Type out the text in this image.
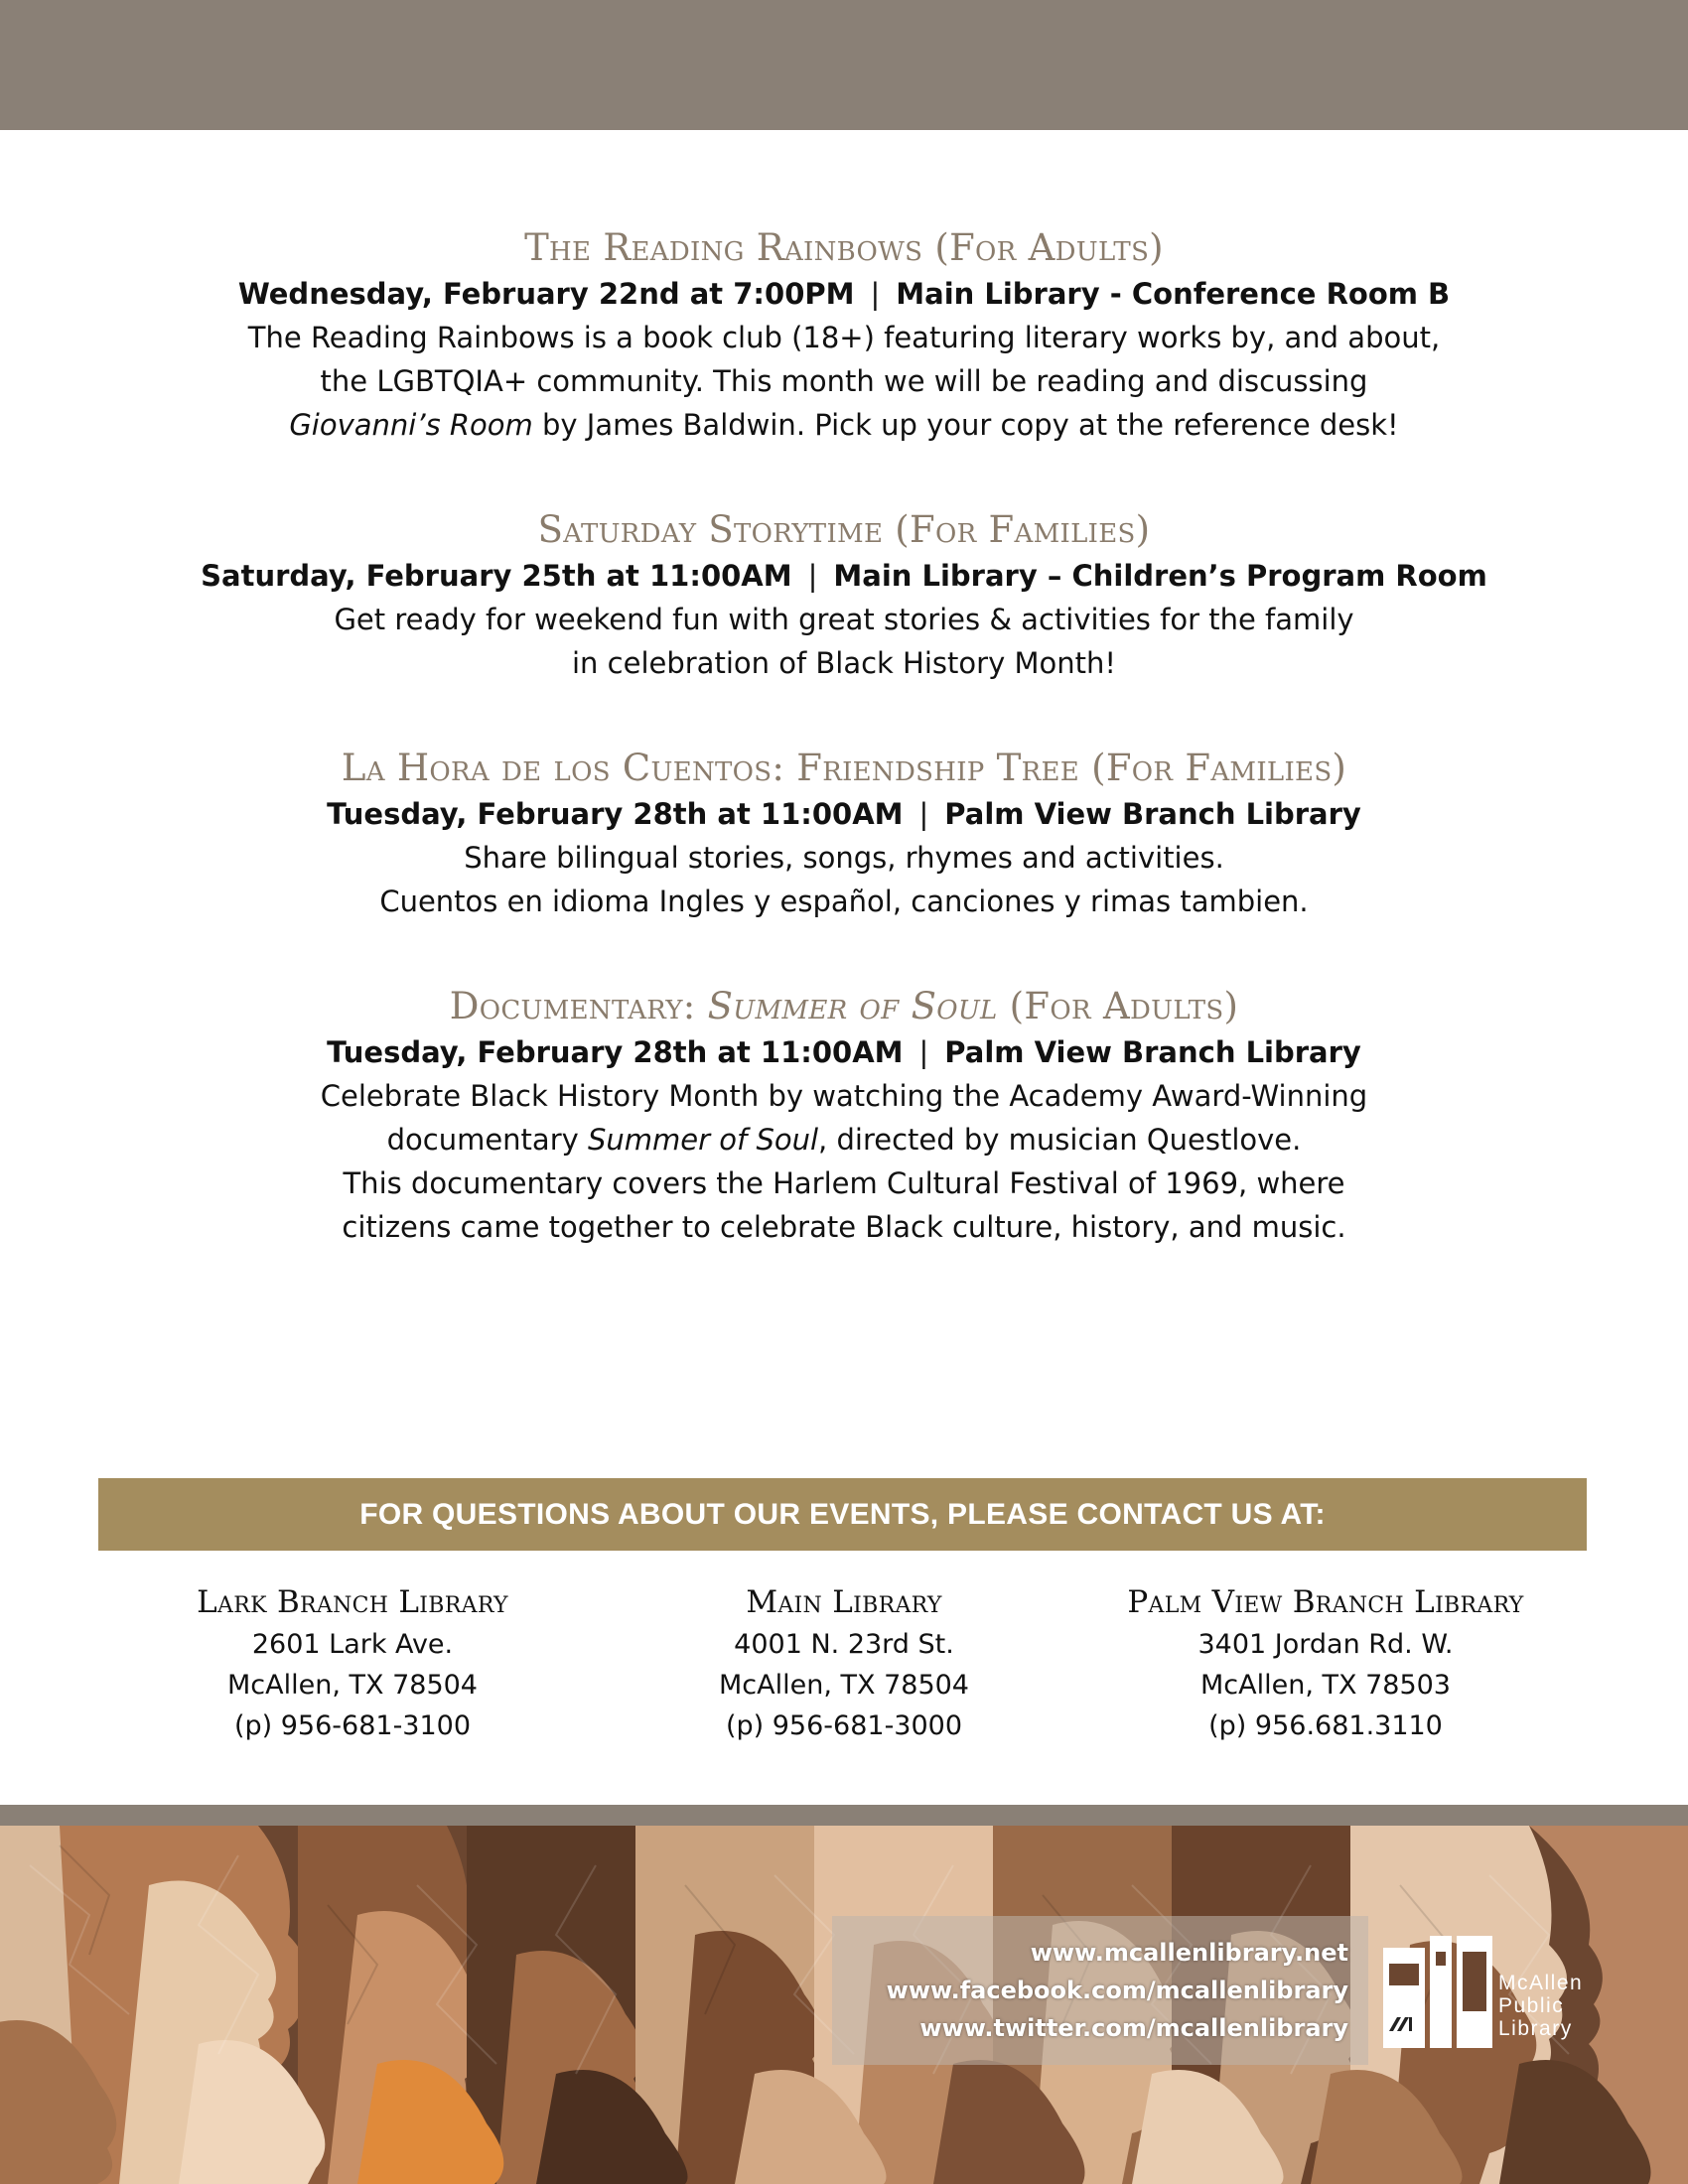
The Reading Rainbows (For Adults)
Wednesday, February 22nd at 7:00PM | Main Library - Conference Room B
The Reading Rainbows is a book club (18+) featuring literary works by, and about,
the LGBTQIA+ community. This month we will be reading and discussing
Giovanni’s Room by James Baldwin. Pick up your copy at the reference desk!
Saturday Storytime (For Families)
Saturday, February 25th at 11:00AM | Main Library – Children’s Program Room
Get ready for weekend fun with great stories & activities for the family
in celebration of Black History Month!
La Hora de los Cuentos: Friendship Tree (For Families)
Tuesday, February 28th at 11:00AM | Palm View Branch Library
Share bilingual stories, songs, rhymes and activities.
Cuentos en idioma Ingles y español, canciones y rimas tambien.
Documentary: Summer of Soul (For Adults)
Tuesday, February 28th at 11:00AM | Palm View Branch Library
Celebrate Black History Month by watching the Academy Award-Winning
documentary Summer of Soul, directed by musician Questlove.
This documentary covers the Harlem Cultural Festival of 1969, where
citizens came together to celebrate Black culture, history, and music.
FOR QUESTIONS ABOUT OUR EVENTS, PLEASE CONTACT US AT:
Lark Branch Library
2601 Lark Ave.
McAllen, TX 78504
(p) 956-681-3100
Main Library
4001 N. 23rd St.
McAllen, TX 78504
(p) 956-681-3000
Palm View Branch Library
3401 Jordan Rd. W.
McAllen, TX 78503
(p) 956.681.3110
www.mcallenlibrary.net
www.facebook.com/mcallenlibrary
www.twitter.com/mcallenlibrary
McAllen
Public
Library
